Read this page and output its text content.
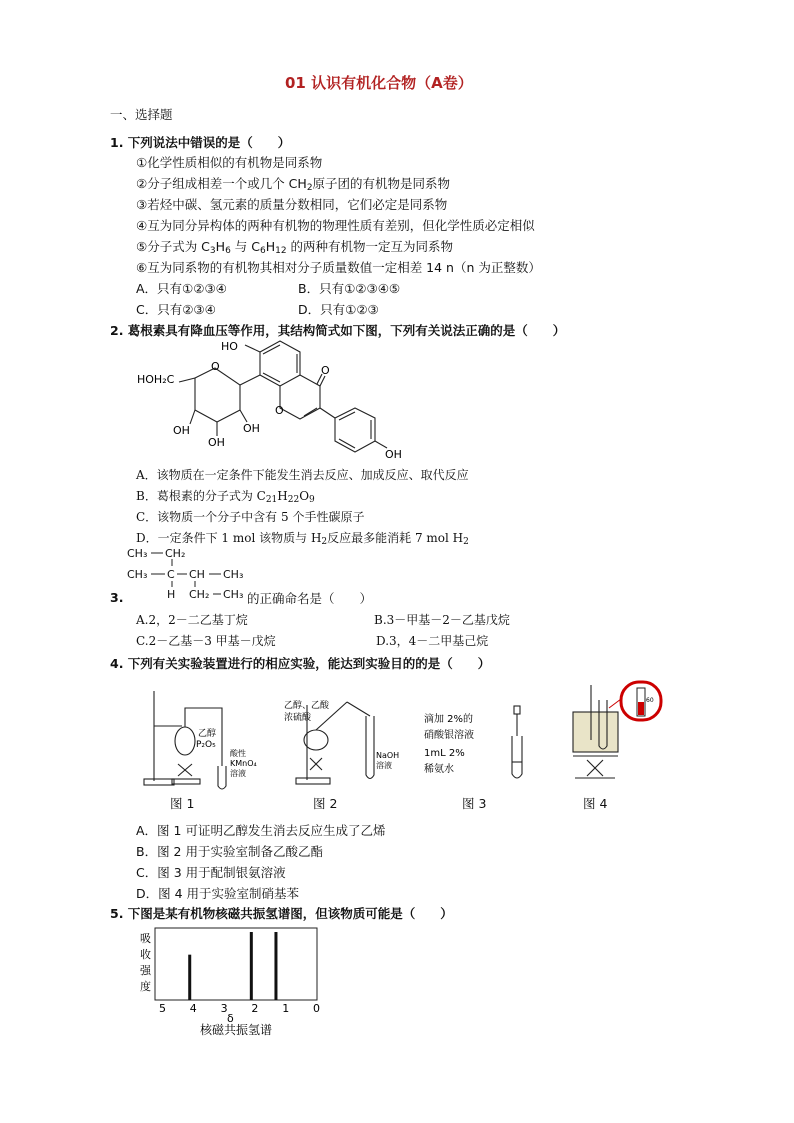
01 认识有机化合物（A卷）
一、选择题
1. 下列说法中错误的是（　　）
①化学性质相似的有机物是同系物
②分子组成相差一个或几个 $CH_2$原子团的有机物是同系物
③若烃中碳、氢元素的质量分数相同，它们必定是同系物
④互为同分异构体的两种有机物的物理性质有差别，但化学性质必定相似
⑤分子式为 $C_3H_6$ 与 $C_6H_{12}$ 的两种有机物一定互为同系物
⑥互为同系物的有机物其相对分子质量数值一定相差 14 n（n 为正整数）
A．只有①②③④	B．只有①②③④⑤
C．只有②③④	D．只有①②③
2. 葛根素具有降血压等作用，其结构简式如下图，下列有关说法正确的是（　　）
HO
HOH₂C
O	O
O
OH
OH
OH
OH
A．该物质在一定条件下能发生消去反应、加成反应、取代反应
B．葛根素的分子式为 $C_{21}H_{22}O_9$
C．该物质一个分子中含有 5 个手性碳原子
D．一定条件下 1 mol 该物质与 $H_2$反应最多能消耗 7 mol $H_2$
CH₃ CH₂
CH₃ C CH CH₃
H CH₂ CH₃
3.	的正确命名是（　　）
A.2，2－二乙基丁烷	B.3－甲基－2－乙基戊烷
C.2－乙基－3 甲基－戊烷	D.3，4－二甲基己烷
4. 下列有关实验装置进行的相应实验，能达到实验目的的是（　　）
乙醇
P₂O₅
酸性
KMnO₄
溶液
图 1
乙醇、乙酸
浓硫酸
NaOH
溶液
图 2
滴加 2%的
硝酸银溶液
1mL 2%
稀氨水
图 3
60
图 4
A．图 1 可证明乙醇发生消去反应生成了乙烯
B．图 2 用于实验室制备乙酸乙酯
C．图 3 用于配制银氨溶液
D．图 4 用于实验室制硝基苯
5. 下图是某有机物核磁共振氢谱图，但该物质可能是（　　）
吸
收
强
度
5 4 3 2 1 0
δ
核磁共振氢谱
